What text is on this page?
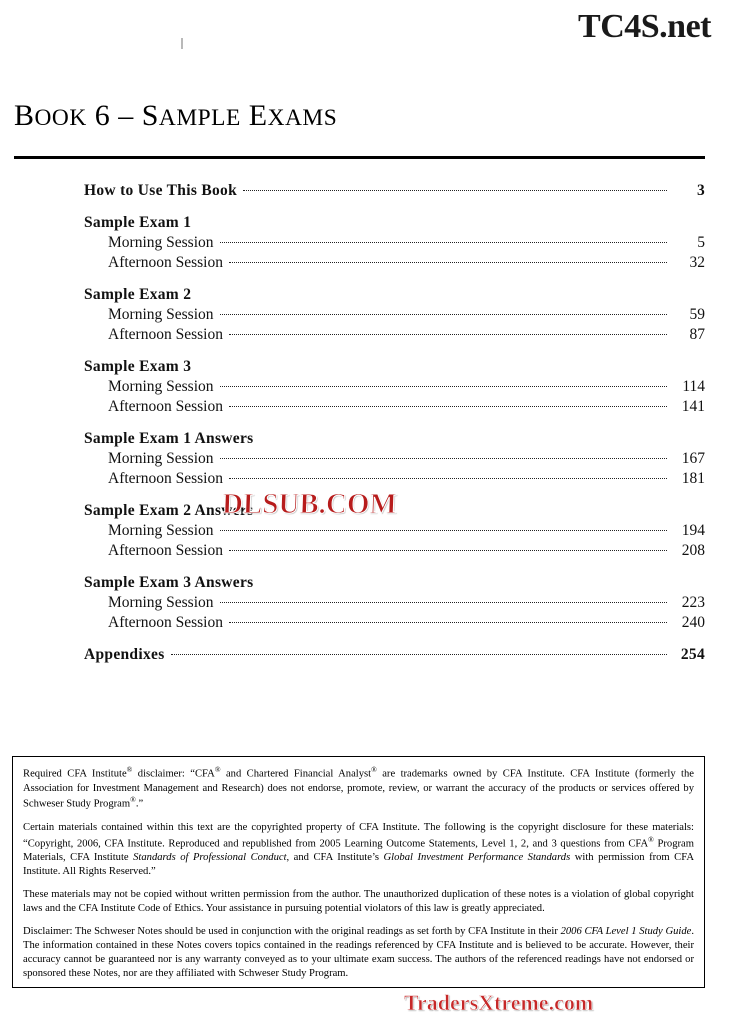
TC4S.net
BOOK 6 – SAMPLE EXAMS
How to Use This Book	3
Sample Exam 1
Morning Session	5
Afternoon Session	32
Sample Exam 2
Morning Session	59
Afternoon Session	87
Sample Exam 3
Morning Session	114
Afternoon Session	141
Sample Exam 1 Answers
Morning Session	167
Afternoon Session	181
Sample Exam 2 Answers
Morning Session	194
Afternoon Session	208
Sample Exam 3 Answers
Morning Session	223
Afternoon Session	240
Appendixes	254
DLSUB.COM

Required CFA Institute® disclaimer: “CFA® and Chartered Financial Analyst® are trademarks owned by CFA Institute. CFA Institute (formerly the Association for Investment Management and Research) does not endorse, promote, review, or warrant the accuracy of the products or services offered by Schweser Study Program®.”

Certain materials contained within this text are the copyrighted property of CFA Institute. The following is the copyright disclosure for these materials: “Copyright, 2006, CFA Institute. Reproduced and republished from 2005 Learning Outcome Statements, Level 1, 2, and 3 questions from CFA® Program Materials, CFA Institute Standards of Professional Conduct, and CFA Institute’s Global Investment Performance Standards with permission from CFA Institute. All Rights Reserved.”

These materials may not be copied without written permission from the author. The unauthorized duplication of these notes is a violation of global copyright laws and the CFA Institute Code of Ethics. Your assistance in pursuing potential violators of this law is greatly appreciated.

Disclaimer: The Schweser Notes should be used in conjunction with the original readings as set forth by CFA Institute in their 2006 CFA Level 1 Study Guide. The information contained in these Notes covers topics contained in the readings referenced by CFA Institute and is believed to be accurate. However, their accuracy cannot be guaranteed nor is any warranty conveyed as to your ultimate exam success. The authors of the referenced readings have not endorsed or sponsored these Notes, nor are they affiliated with Schweser Study Program.

TradersXtreme.com
